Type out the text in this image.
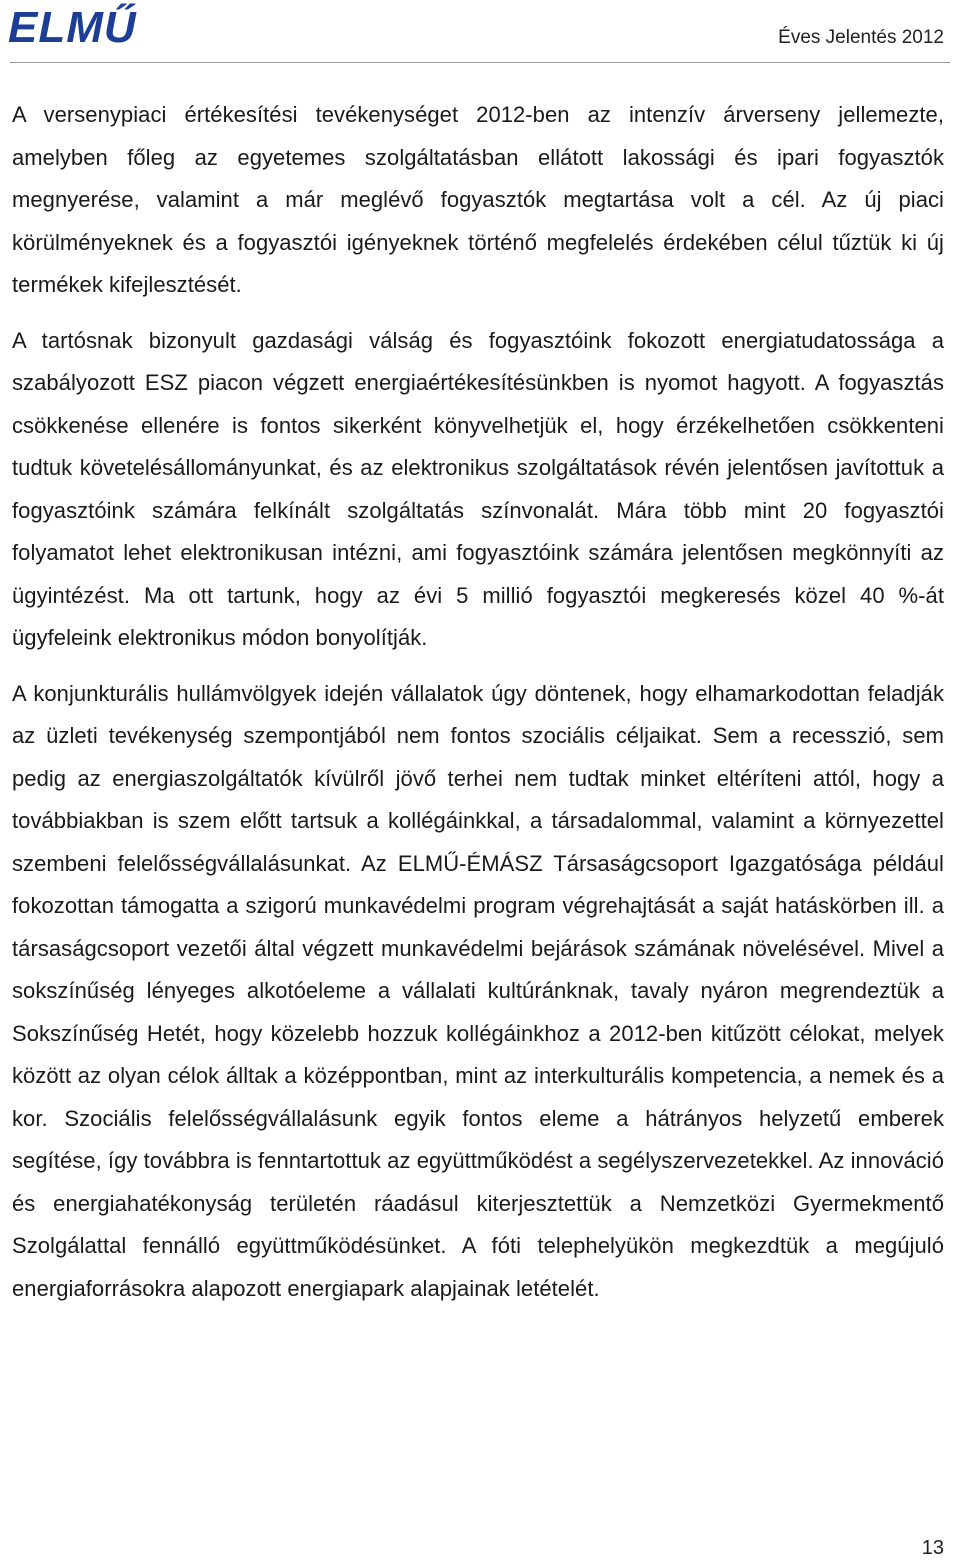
ELMŰ	Éves Jelentés 2012

A versenypiaci értékesítési tevékenységet 2012-ben az intenzív árverseny jellemezte, amelyben főleg az egyetemes szolgáltatásban ellátott lakossági és ipari fogyasztók megnyerése, valamint a már meglévő fogyasztók megtartása volt a cél. Az új piaci körülményeknek és a fogyasztói igényeknek történő megfelelés érdekében célul tűztük ki új termékek kifejlesztését.

A tartósnak bizonyult gazdasági válság és fogyasztóink fokozott energiatudatossága a szabályozott ESZ piacon végzett energiaértékesítésünkben is nyomot hagyott. A fogyasztás csökkenése ellenére is fontos sikerként könyvelhetjük el, hogy érzékelhetően csökkenteni tudtuk követelésállományunkat, és az elektronikus szolgáltatások révén jelentősen javítottuk a fogyasztóink számára felkínált szolgáltatás színvonalát. Mára több mint 20 fogyasztói folyamatot lehet elektronikusan intézni, ami fogyasztóink számára jelentősen megkönnyíti az ügyintézést. Ma ott tartunk, hogy az évi 5 millió fogyasztói megkeresés közel 40 %-át ügyfeleink elektronikus módon bonyolítják.

A konjunkturális hullámvölgyek idején vállalatok úgy döntenek, hogy elhamarkodottan feladják az üzleti tevékenység szempontjából nem fontos szociális céljaikat. Sem a recesszió, sem pedig az energiaszolgáltatók kívülről jövő terhei nem tudtak minket eltéríteni attól, hogy a továbbiakban is szem előtt tartsuk a kollégáinkkal, a társadalommal, valamint a környezettel szembeni felelősségvállalásunkat. Az ELMŰ-ÉMÁSZ Társaságcsoport Igazgatósága például fokozottan támogatta a szigorú munkavédelmi program végrehajtását a saját hatáskörben ill. a társaságcsoport vezetői által végzett munkavédelmi bejárások számának növelésével. Mivel a sokszínűség lényeges alkotóeleme a vállalati kultúránknak, tavaly nyáron megrendeztük a Sokszínűség Hetét, hogy közelebb hozzuk kollégáinkhoz a 2012-ben kitűzött célokat, melyek között az olyan célok álltak a középpontban, mint az interkulturális kompetencia, a nemek és a kor. Szociális felelősségvállalásunk egyik fontos eleme a hátrányos helyzetű emberek segítése, így továbbra is fenntartottuk az együttműködést a segélyszervezetekkel. Az innováció és energiahatékonyság területén ráadásul kiterjesztettük a Nemzetközi Gyermekmentő Szolgálattal fennálló együttműködésünket. A fóti telephelyükön megkezdtük a megújuló energiaforrásokra alapozott energiapark alapjainak letételét.

13
